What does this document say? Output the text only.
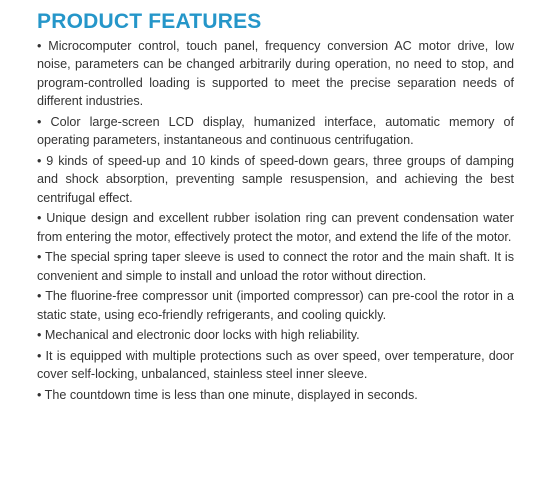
PRODUCT FEATURES

• Microcomputer control, touch panel, frequency conversion AC motor drive, low noise, parameters can be changed arbitrarily during operation, no need to stop, and program-controlled loading is supported to meet the precise separation needs of different industries.

• Color large-screen LCD display, humanized interface, automatic memory of operating parameters, instantaneous and continuous centrifugation.

• 9 kinds of speed-up and 10 kinds of speed-down gears, three groups of damping and shock absorption, preventing sample resuspension, and achieving the best centrifugal effect.

• Unique design and excellent rubber isolation ring can prevent condensation water from entering the motor, effectively protect the motor, and extend the life of the motor.

• The special spring taper sleeve is used to connect the rotor and the main shaft. It is convenient and simple to install and unload the rotor without direction.

• The fluorine-free compressor unit (imported compressor) can pre-cool the rotor in a static state, using eco-friendly refrigerants, and cooling quickly.

• Mechanical and electronic door locks with high reliability.

• It is equipped with multiple protections such as over speed, over temperature, door cover self-locking, unbalanced, stainless steel inner sleeve.

• The countdown time is less than one minute, displayed in seconds.
